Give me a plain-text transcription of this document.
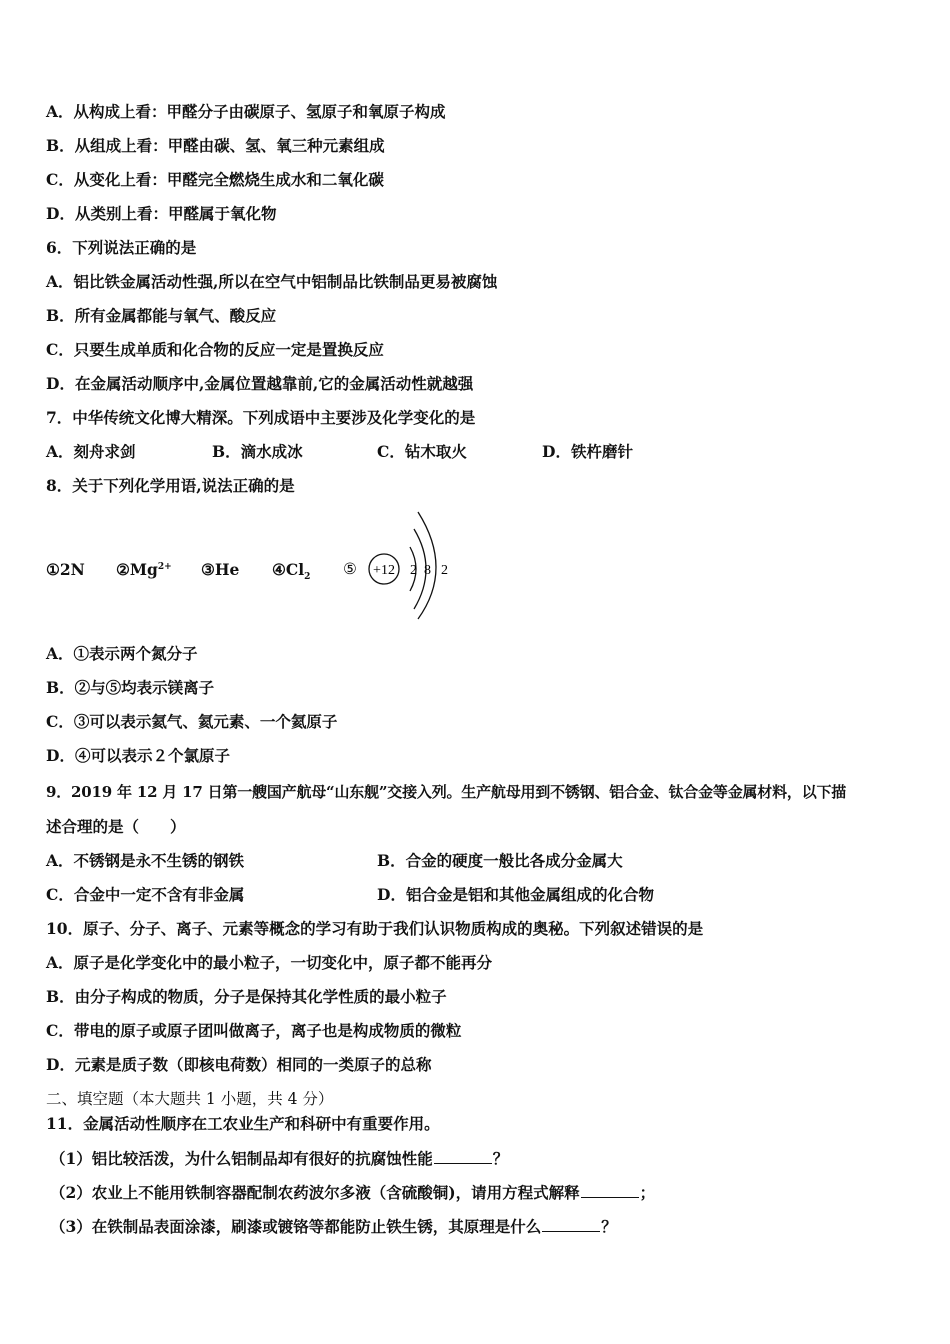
A．从构成上看：甲醛分子由碳原子、氢原子和氧原子构成
B．从组成上看：甲醛由碳、氢、氧三种元素组成
C．从变化上看：甲醛完全燃烧生成水和二氧化碳
D．从类别上看：甲醛属于氧化物
6．下列说法正确的是
A．铝比铁金属活动性强,所以在空气中铝制品比铁制品更易被腐蚀
B．所有金属都能与氧气、酸反应
C．只要生成单质和化合物的反应一定是置换反应
D．在金属活动顺序中,金属位置越靠前,它的金属活动性就越强
7．中华传统文化博大精深。下列成语中主要涉及化学变化的是
A．刻舟求剑	B．滴水成冰	C．钻木取火	D．铁杵磨针
8．关于下列化学用语,说法正确的是
①2N $②Mg^{2+}$ ③He $④Cl_2$ ⑤ +12 2 8 2
A．①表示两个氮分子
B．②与⑤均表示镁离子
C．③可以表示氦气、氦元素、一个氦原子
D．④可以表示２个氯原子
9．2019 年 12 月 17 日第一艘国产航母“山东舰”交接入列。生产航母用到不锈钢、铝合金、钛合金等金属材料，以下描
述合理的是（　　）
A．不锈钢是永不生锈的钢铁	B．合金的硬度一般比各成分金属大
C．合金中一定不含有非金属	D．铝合金是铝和其他金属组成的化合物
10．原子、分子、离子、元素等概念的学习有助于我们认识物质构成的奥秘。下列叙述错误的是
A．原子是化学变化中的最小粒子，一切变化中，原子都不能再分
B．由分子构成的物质，分子是保持其化学性质的最小粒子
C．带电的原子或原子团叫做离子，离子也是构成物质的微粒
D．元素是质子数（即核电荷数）相同的一类原子的总称
二、填空题（本大题共 1 小题，共 4 分）
11．金属活动性顺序在工农业生产和科研中有重要作用。
（1）铝比较活泼，为什么铝制品却有很好的抗腐蚀性能	？
（2）农业上不能用铁制容器配制农药波尔多液（含硫酸铜)，请用方程式解释	；
（3）在铁制品表面涂漆，刷漆或镀铬等都能防止铁生锈，其原理是什么	？
